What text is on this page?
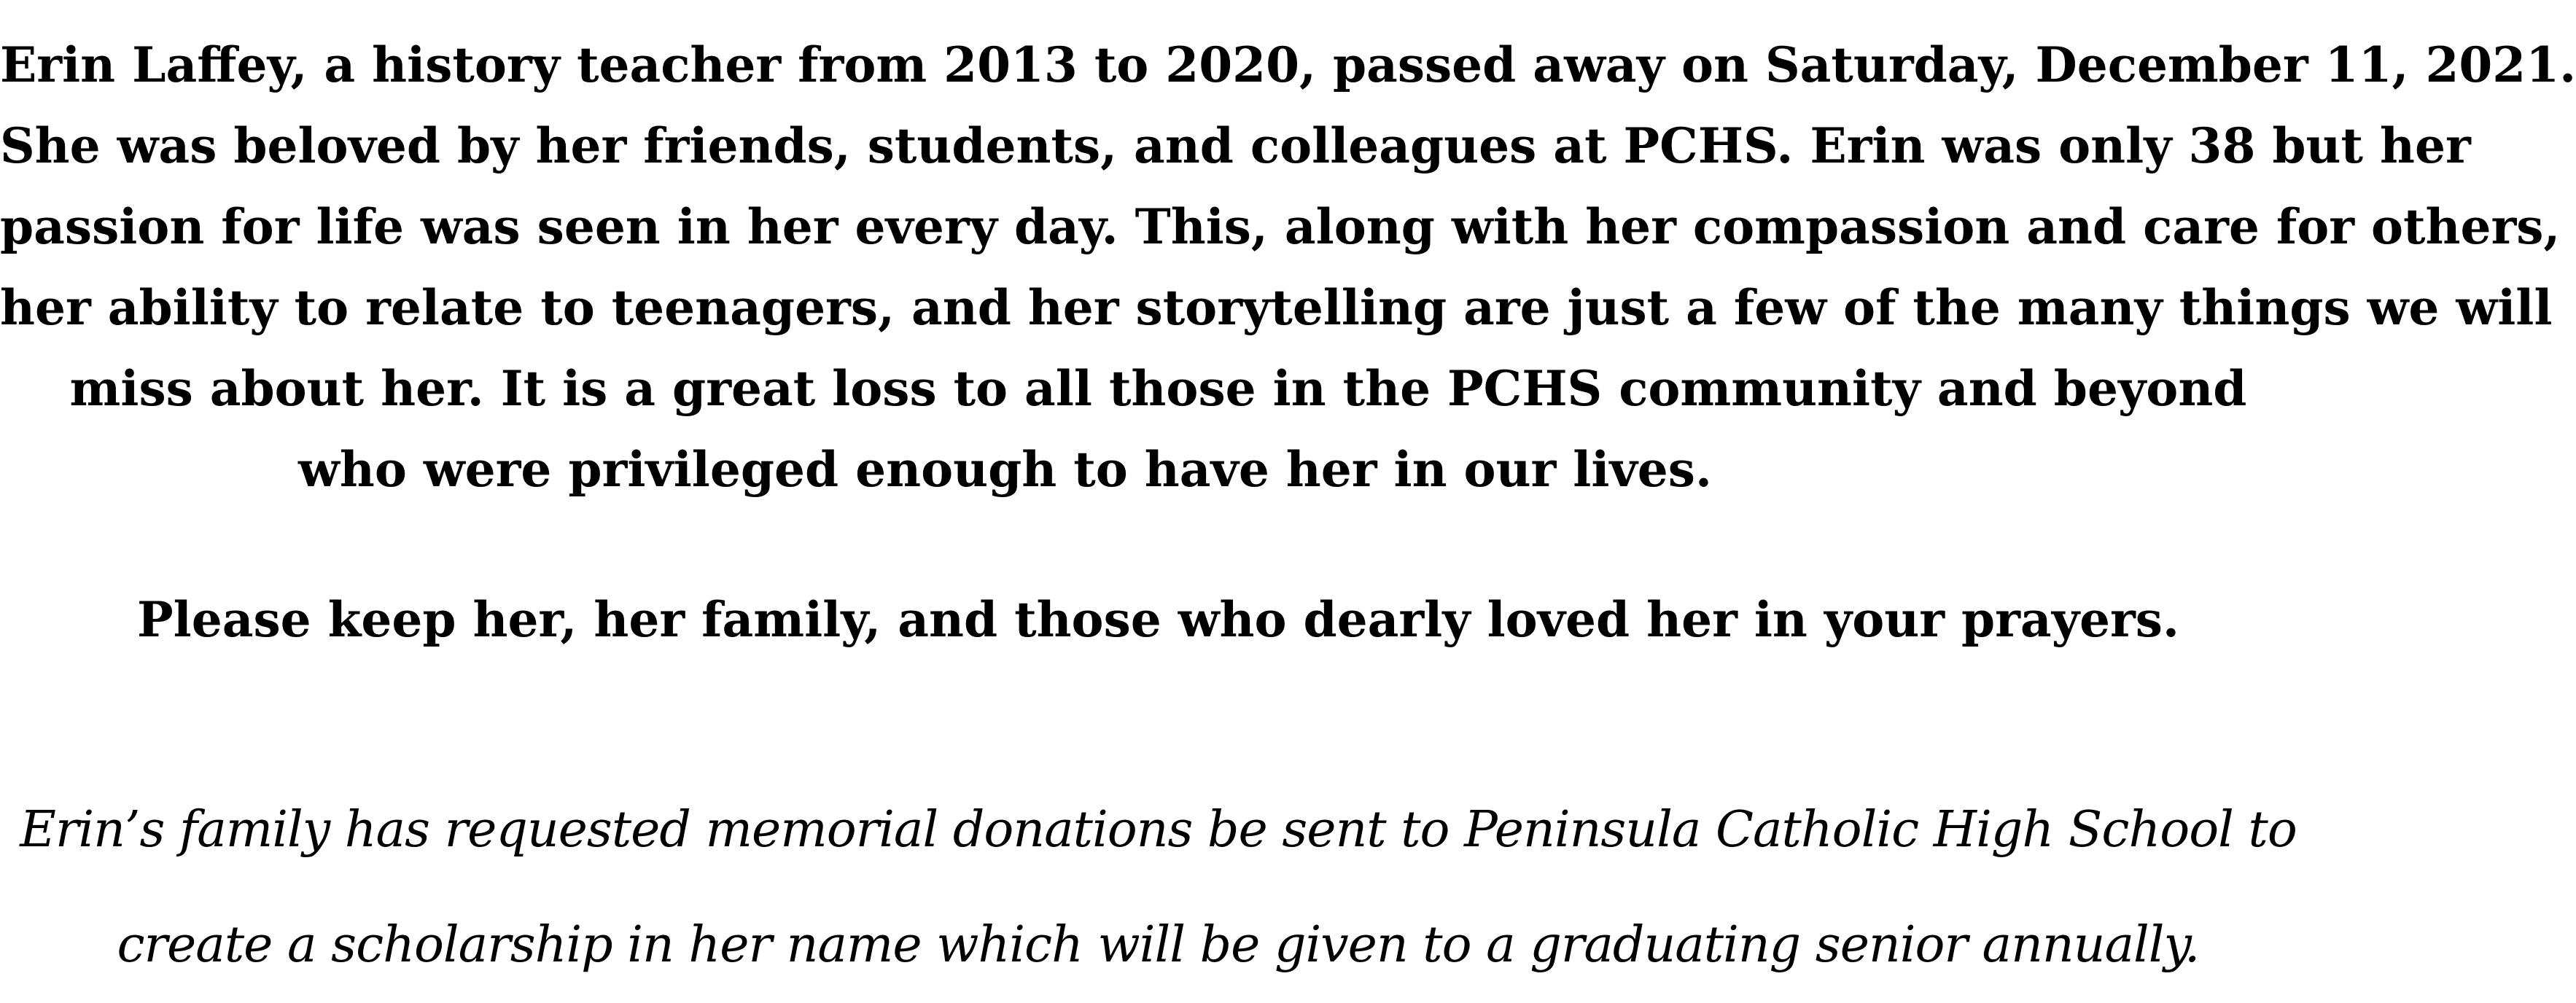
Erin Laffey, a history teacher from 2013 to 2020, passed away on Saturday, December 11, 2021.
She was beloved by her friends, students, and colleagues at PCHS. Erin was only 38 but her
passion for life was seen in her every day. This, along with her compassion and care for others,
her ability to relate to teenagers, and her storytelling are just a few of the many things we will
miss about her. It is a great loss to all those in the PCHS community and beyond
who were privileged enough to have her in our lives.

Please keep her, her family, and those who dearly loved her in your prayers.

Erin’s family has requested memorial donations be sent to Peninsula Catholic High School to
create a scholarship in her name which will be given to a graduating senior annually.
